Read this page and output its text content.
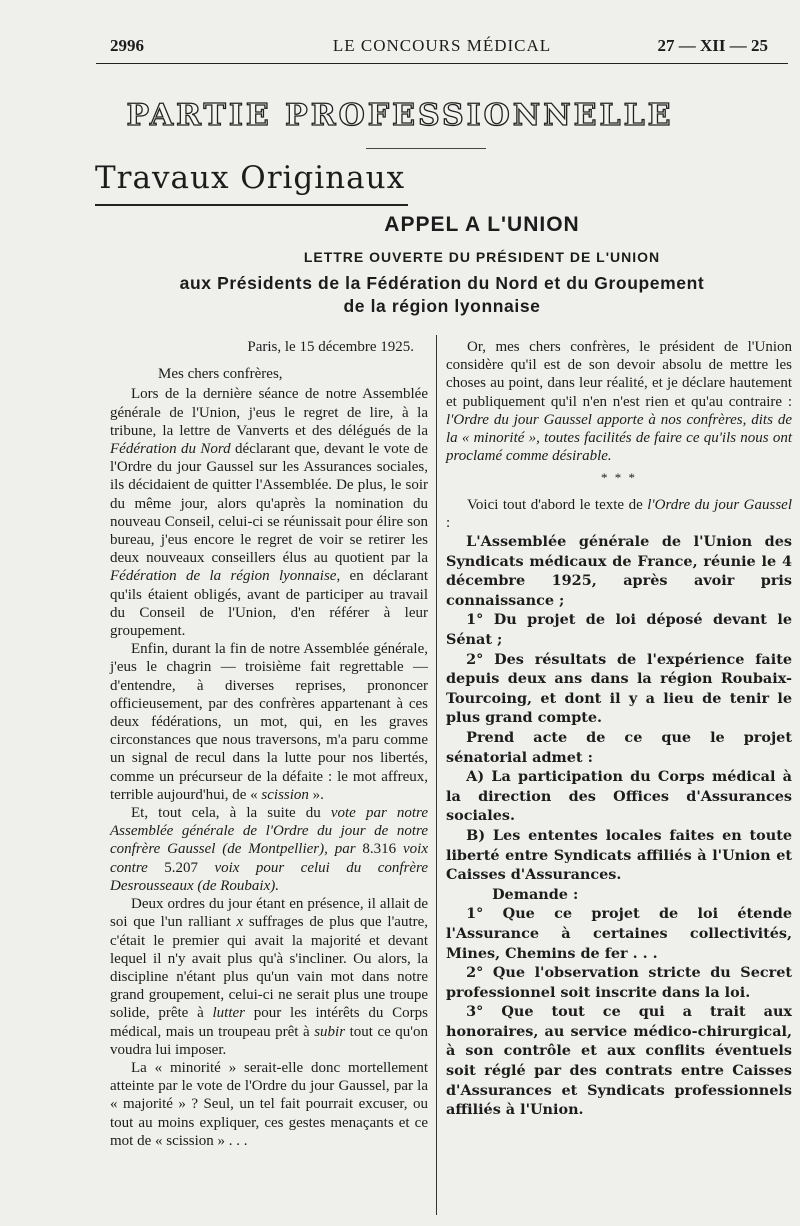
2996	LE CONCOURS MÉDICAL	27 — XII — 25
PARTIE PROFESSIONNELLE
Travaux Originaux
APPEL A L'UNION
LETTRE OUVERTE DU PRÉSIDENT DE L'UNION
aux Présidents de la Fédération du Nord et du Groupement
de la région lyonnaise

Paris, le 15 décembre 1925.

Mes chers confrères,

Lors de la dernière séance de notre Assemblée générale de l'Union, j'eus le regret de lire, à la tribune, la lettre de Vanverts et des délégués de la Fédération du Nord déclarant que, devant le vote de l'Ordre du jour Gaussel sur les Assurances sociales, ils décidaient de quitter l'Assemblée. De plus, le soir du même jour, alors qu'après la nomination du nouveau Conseil, celui-ci se réunissait pour élire son bureau, j'eus encore le regret de voir se retirer les deux nouveaux conseillers élus au quotient par la Fédération de la région lyonnaise, en déclarant qu'ils étaient obligés, avant de participer au travail du Conseil de l'Union, d'en référer à leur groupement.

Enfin, durant la fin de notre Assemblée générale, j'eus le chagrin — troisième fait regrettable — d'entendre, à diverses reprises, prononcer officieusement, par des confrères appartenant à ces deux fédérations, un mot, qui, en les graves circonstances que nous traversons, m'a paru comme un signal de recul dans la lutte pour nos libertés, comme un précurseur de la défaite : le mot affreux, terrible aujourd'hui, de « scission ».

Et, tout cela, à la suite du vote par notre Assemblée générale de l'Ordre du jour de notre confrère Gaussel (de Montpellier), par 8.316 voix contre 5.207 voix pour celui du confrère Desrousseaux (de Roubaix).

Deux ordres du jour étant en présence, il allait de soi que l'un ralliant x suffrages de plus que l'autre, c'était le premier qui avait la majorité et devant lequel il n'y avait plus qu'à s'incliner. Ou alors, la discipline n'étant plus qu'un vain mot dans notre grand groupement, celui-ci ne serait plus une troupe solide, prête à lutter pour les intérêts du Corps médical, mais un troupeau prêt à subir tout ce qu'on voudra lui imposer.

La « minorité » serait-elle donc mortellement atteinte par le vote de l'Ordre du jour Gaussel, par la « majorité » ? Seul, un tel fait pourrait excuser, ou tout au moins expliquer, ces gestes menaçants et ce mot de « scission » . . .

Or, mes chers confrères, le président de l'Union considère qu'il est de son devoir absolu de mettre les choses au point, dans leur réalité, et je déclare hautement et publiquement qu'il n'en n'est rien et qu'au contraire : l'Ordre du jour Gaussel apporte à nos confrères, dits de la « minorité », toutes facilités de faire ce qu'ils nous ont proclamé comme désirable.

* * *

Voici tout d'abord le texte de l'Ordre du jour Gaussel :

L'Assemblée générale de l'Union des Syndicats médicaux de France, réunie le 4 décembre 1925, après avoir pris connaissance ;

1° Du projet de loi déposé devant le Sénat ;

2° Des résultats de l'expérience faite depuis deux ans dans la région Roubaix-Tourcoing, et dont il y a lieu de tenir le plus grand compte.

Prend acte de ce que le projet sénatorial admet :

A) La participation du Corps médical à la direction des Offices d'Assurances sociales.

B) Les ententes locales faites en toute liberté entre Syndicats affiliés à l'Union et Caisses d'Assurances.

Demande :

1° Que ce projet de loi étende l'Assurance à certaines collectivités, Mines, Chemins de fer . . .

2° Que l'observation stricte du Secret professionnel soit inscrite dans la loi.

3° Que tout ce qui a trait aux honoraires, au service médico-chirurgical, à son contrôle et aux conflits éventuels soit réglé par des contrats entre Caisses d'Assurances et Syndicats professionnels affiliés à l'Union.
